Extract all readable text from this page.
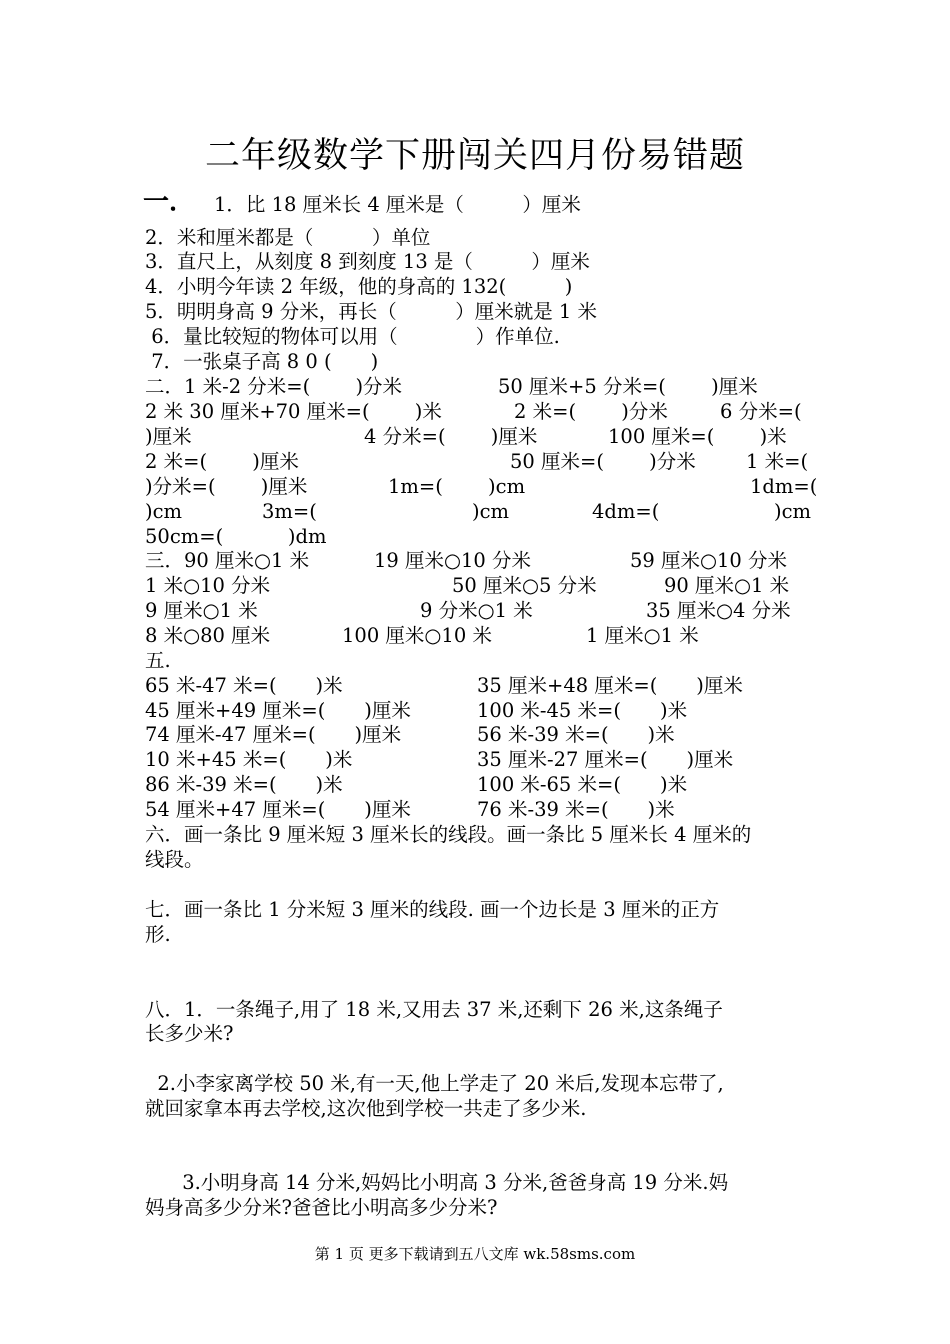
二年级数学下册闯关四月份易错题
一． 1．比 18 厘米长 4 厘米是（　　　）厘米
2．米和厘米都是（　　　）单位
3．直尺上，从刻度 8 到刻度 13 是（　　　）厘米
4．小明今年读 2 年级，他的身高的 132(　　　)
5．明明身高 9 分米，再长（　　　）厘米就是 1 米
6．量比较短的物体可以用（　　　　）作单位.
7．一张桌子高 8 0 (　　)
二．1 米-2 分米=(　　 )分米	50 厘米+5 分米=(　　 )厘米
2 米 30 厘米+70 厘米=(　　 )米	2 米=(　　 )分米	6 分米=(
)厘米	4 分米=(　　 )厘米	100 厘米=(　　 )米
2 米=(　　 )厘米	50 厘米=(　　 )分米	1 米=(
)分米=(　　 )厘米	1m=(　　 )cm	1dm=(
)cm	3m=(	)cm	4dm=(	)cm
50cm=(　　　 )dm
三．90 厘米○1 米	19 厘米○10 分米	59 厘米○10 分米
1 米○10 分米	50 厘米○5 分米	90 厘米○1 米
9 厘米○1 米	9 分米○1 米	35 厘米○4 分米
8 米○80 厘米	100 厘米○10 米	1 厘米○1 米
五.
65 米-47 米=(　　)米	35 厘米+48 厘米=(　　)厘米
45 厘米+49 厘米=(　　)厘米	100 米-45 米=(　　)米
74 厘米-47 厘米=(　　)厘米	56 米-39 米=(　　)米
10 米+45 米=(　　)米	35 厘米-27 厘米=(　　)厘米
86 米-39 米=(　　)米	100 米-65 米=(　　)米
54 厘米+47 厘米=(　　)厘米	76 米-39 米=(　　)米
六．画一条比 9 厘米短 3 厘米长的线段。画一条比 5 厘米长 4 厘米的
线段。
七．画一条比 1 分米短 3 厘米的线段. 画一个边长是 3 厘米的正方
形.
八．1．一条绳子,用了 18 米,又用去 37 米,还剩下 26 米,这条绳子
长多少米?
2.小李家离学校 50 米,有一天,他上学走了 20 米后,发现本忘带了,
就回家拿本再去学校,这次他到学校一共走了多少米.
3.小明身高 14 分米,妈妈比小明高 3 分米,爸爸身高 19 分米.妈
妈身高多少分米?爸爸比小明高多少分米?
第 1 页 更多下载请到五八文库 wk.58sms.com
